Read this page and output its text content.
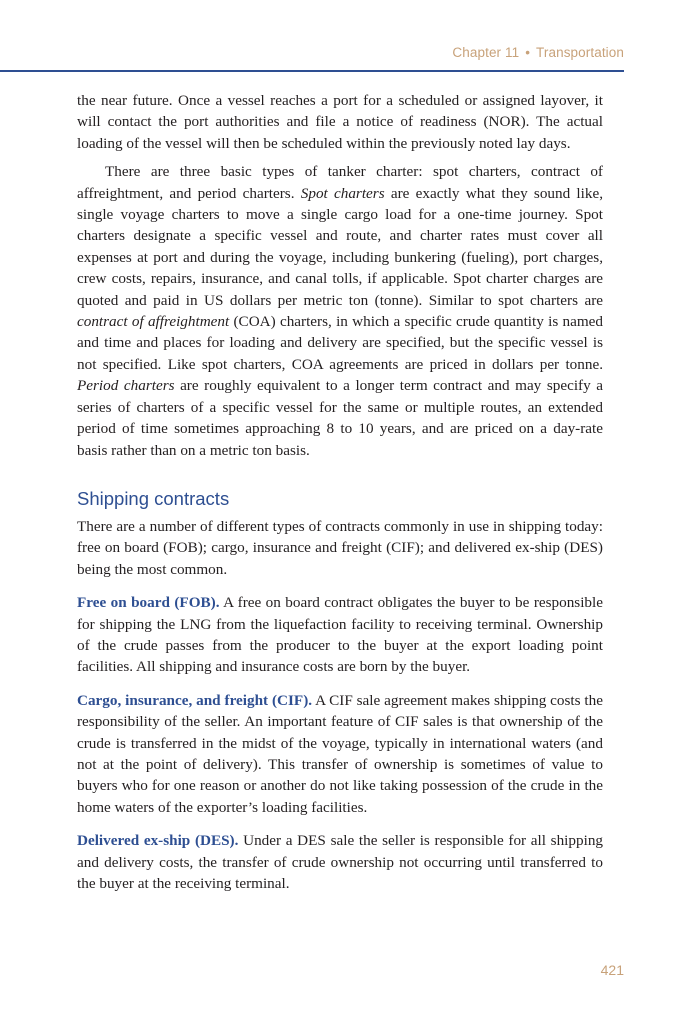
Chapter 11 • Transportation

the near future. Once a vessel reaches a port for a scheduled or assigned layover, it will contact the port authorities and file a notice of readiness (NOR). The actual loading of the vessel will then be scheduled within the previously noted lay days.

There are three basic types of tanker charter: spot charters, contract of affreightment, and period charters. Spot charters are exactly what they sound like, single voyage charters to move a single cargo load for a one-time journey. Spot charters designate a specific vessel and route, and charter rates must cover all expenses at port and during the voyage, including bunkering (fueling), port charges, crew costs, repairs, insurance, and canal tolls, if applicable. Spot charter charges are quoted and paid in US dollars per metric ton (tonne). Similar to spot charters are contract of affreightment (COA) charters, in which a specific crude quantity is named and time and places for loading and delivery are specified, but the specific vessel is not specified. Like spot charters, COA agreements are priced in dollars per tonne. Period charters are roughly equivalent to a longer term contract and may specify a series of charters of a specific vessel for the same or multiple routes, an extended period of time sometimes approaching 8 to 10 years, and are priced on a day-rate basis rather than on a metric ton basis.

Shipping contracts

There are a number of different types of contracts commonly in use in shipping today: free on board (FOB); cargo, insurance and freight (CIF); and delivered ex-ship (DES) being the most common.

Free on board (FOB). A free on board contract obligates the buyer to be responsible for shipping the LNG from the liquefaction facility to receiving terminal. Ownership of the crude passes from the producer to the buyer at the export loading point facilities. All shipping and insurance costs are born by the buyer.

Cargo, insurance, and freight (CIF). A CIF sale agreement makes shipping costs the responsibility of the seller. An important feature of CIF sales is that ownership of the crude is transferred in the midst of the voyage, typically in international waters (and not at the point of delivery). This transfer of ownership is sometimes of value to buyers who for one reason or another do not like taking possession of the crude in the home waters of the exporter’s loading facilities.

Delivered ex-ship (DES). Under a DES sale the seller is responsible for all shipping and delivery costs, the transfer of crude ownership not occurring until transferred to the buyer at the receiving terminal.

421
